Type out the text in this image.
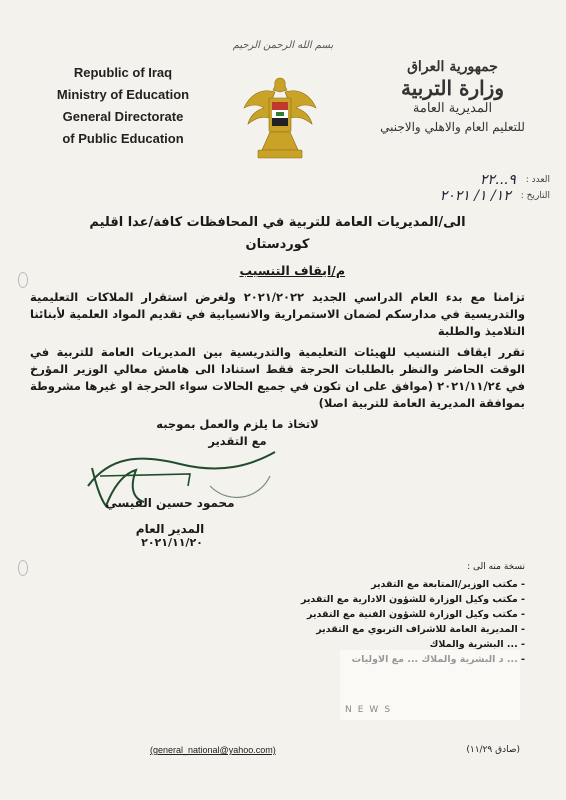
بسم الله الرحمن الرحيم
Republic of Iraq
Ministry of Education
General Directorate
of Public Education
جمهورية العراق
وزارة التربية
المديرية العامة
للتعليم العام والاهلي والاجنبي
العدد :
٩...٢٢
التاريخ :
١٢/ ١/ ٢٠٢١
الى/المديريات العامة للتربية في المحافظات كافة/عدا اقليم
كوردستان
م/ايقاف التنسيب

تزامنا مع بدء العام الدراسي الجديد ٢٠٢١/٢٠٢٢ ولغرض استقرار الملاكات التعليمية والتدريسية في مدارسكم لضمان الاستمرارية والانسيابية في تقديم المواد العلمية لأبنائنا التلاميذ والطلبة

تقرر ايقاف التنسيب للهيئات التعليمية والتدريسية بين المديريات العامة للتربية في الوقت الحاضر والنظر بالطلبات الحرجة فقط استنادا الى هامش معالي الوزير المؤرخ في ٢٠٢١/١١/٢٤ (موافق على ان تكون في جميع الحالات سواء الحرجة او غيرها مشروطة بموافقة المديرية العامة للتربية اصلا)

لاتخاذ ما يلزم والعمل بموجبه
مع التقدير
محمود حسين القيسي
المدير العام
٢٠٢١/١١/٢٠
نسخة منه الى :
- مكتب الوزير/المتابعة مع التقدير
- مكتب وكيل الوزارة للشؤون الادارية مع التقدير
- مكتب وكيل الوزارة للشؤون الفنية مع التقدير
- المديرية العامة للاشراف التربوي مع التقدير
- ... البشرية والملاك
-
NEWS
(general_national@yahoo.com)	(صادق ١١/٢٩)
